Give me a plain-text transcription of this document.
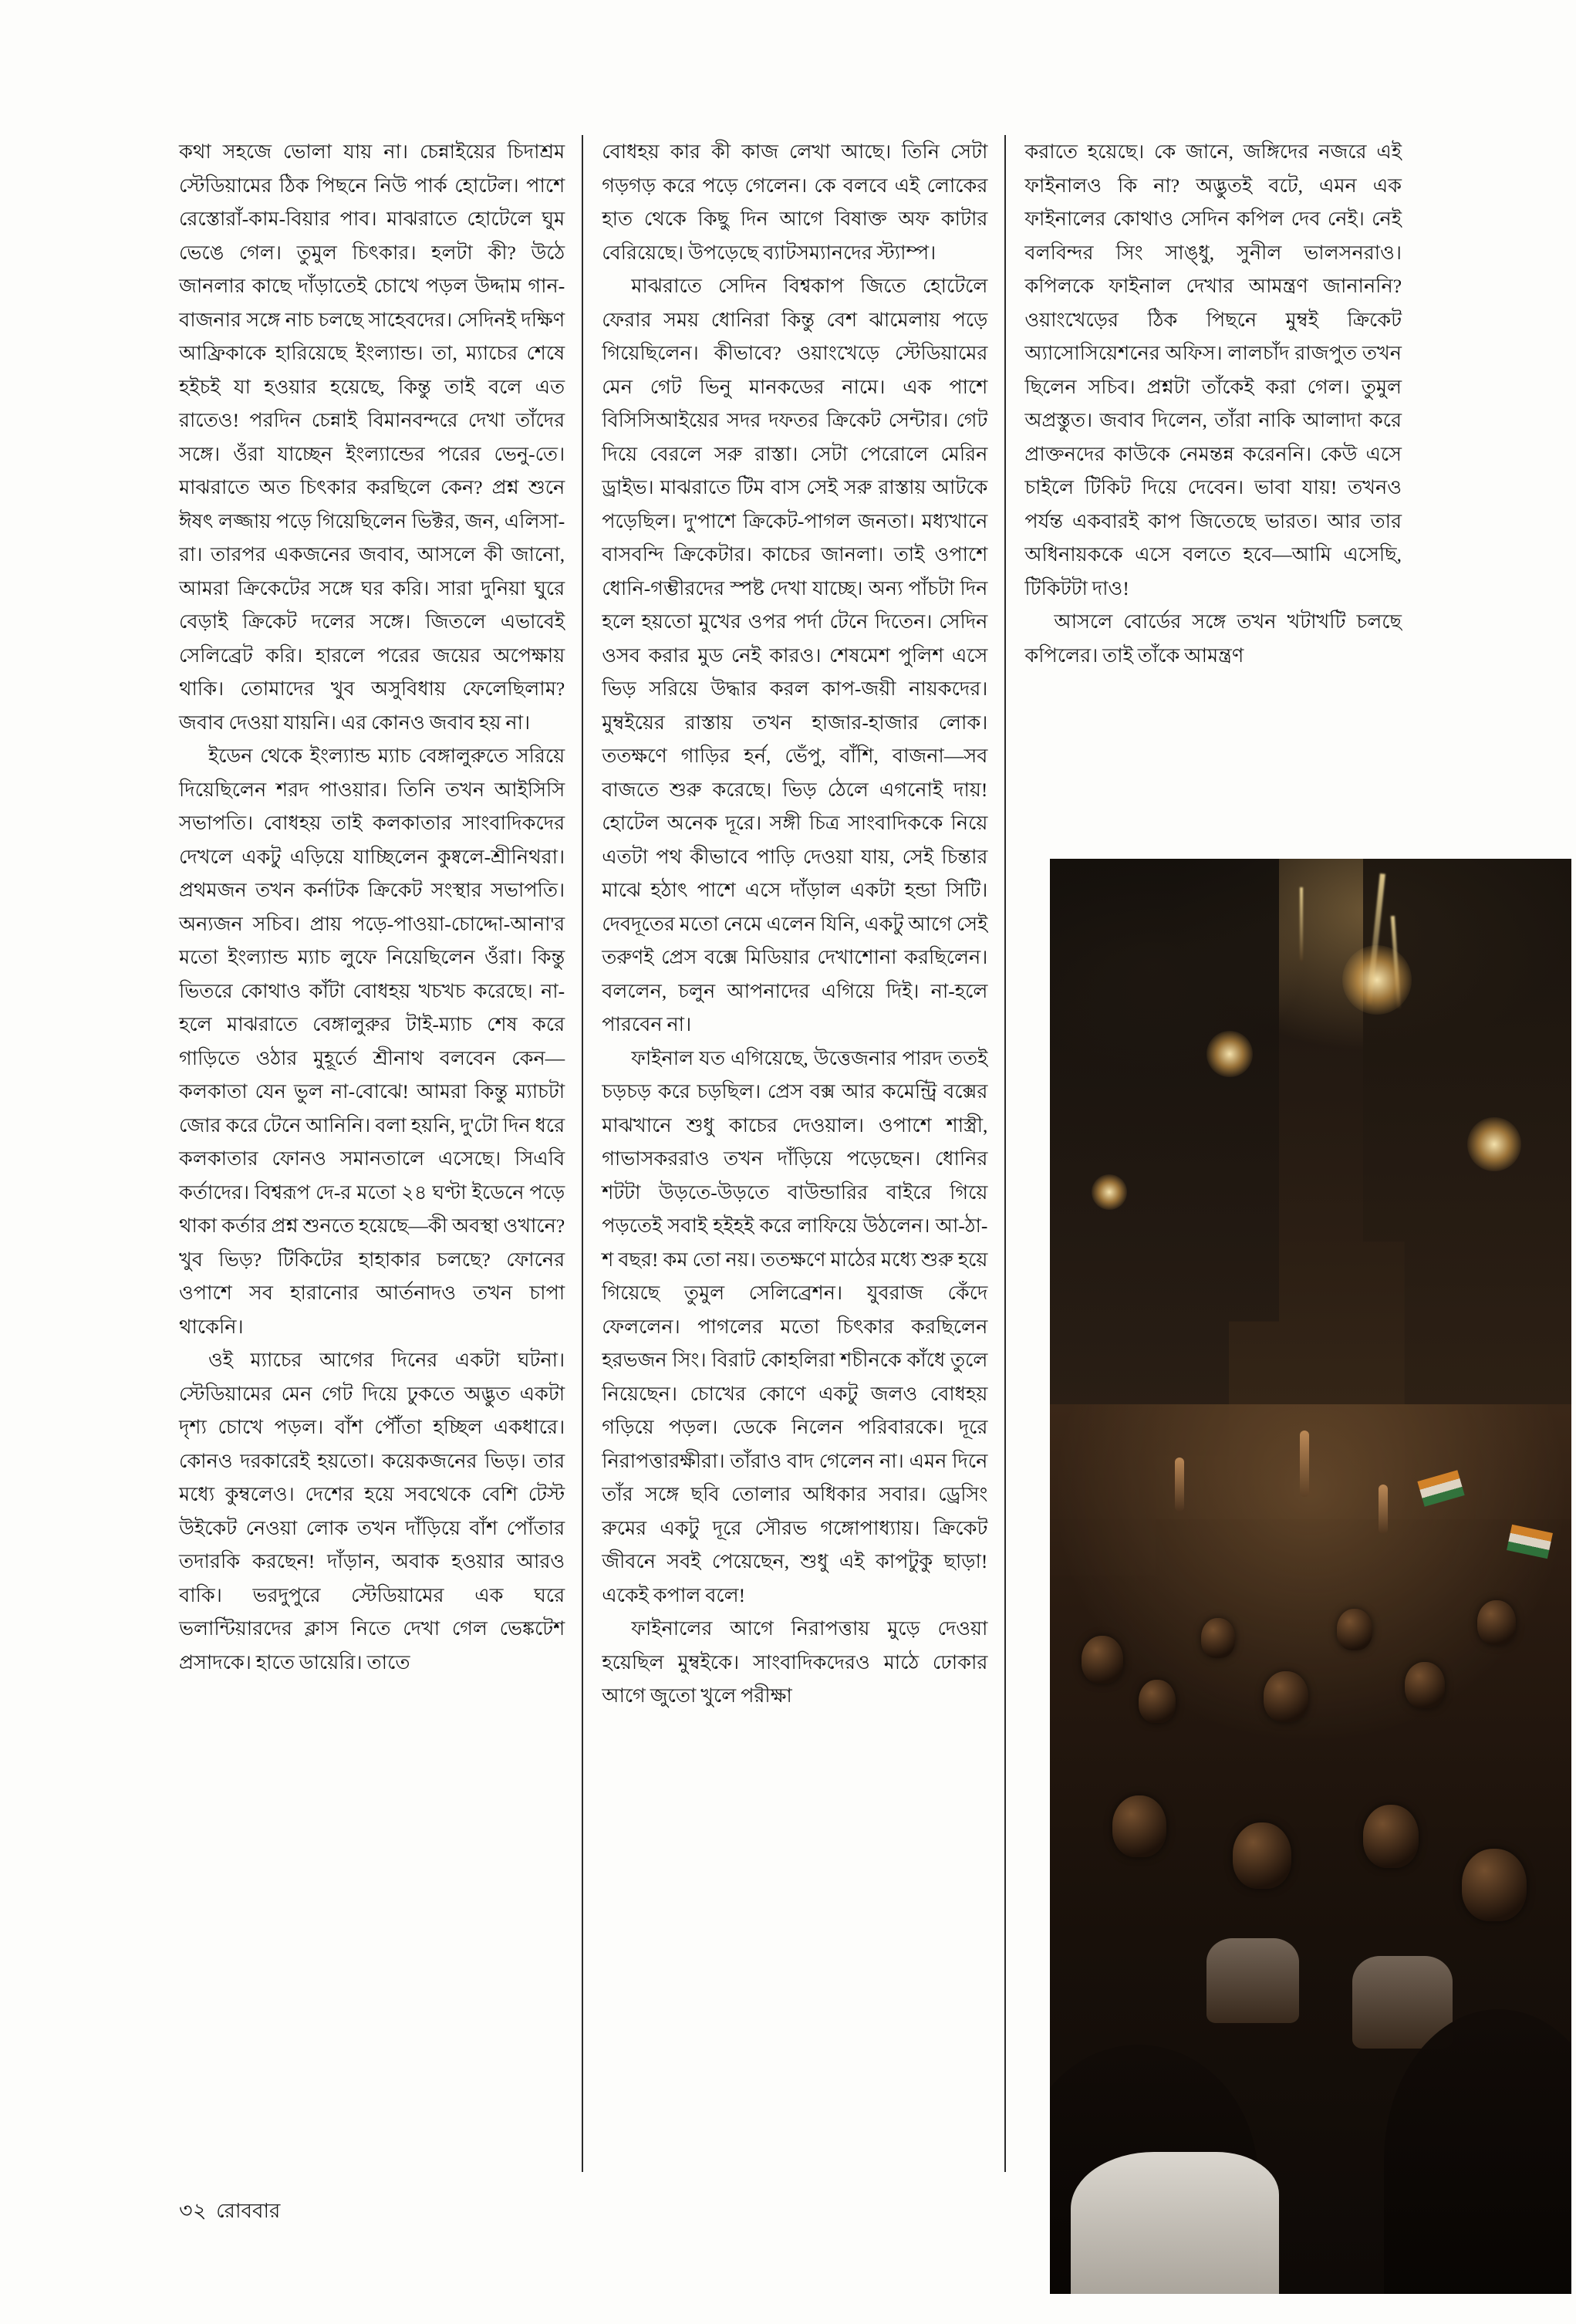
কথা সহজে ভোলা যায় না। চেন্নাইয়ের চিদাশ্রম স্টেডিয়ামের ঠিক পিছনে নিউ পার্ক হোটেল। পাশে রেস্তোরাঁ-কাম-বিয়ার পাব। মাঝরাতে হোটেলে ঘুম ভেঙে গেল। তুমুল চিৎকার। হলটা কী? উঠে জানলার কাছে দাঁড়াতেই চোখে পড়ল উদ্দাম গান-বাজনার সঙ্গে নাচ চলছে সাহেবদের। সেদিনই দক্ষিণ আফ্রিকাকে হারিয়েছে ইংল্যান্ড। তা, ম্যাচের শেষে হইচই যা হওয়ার হয়েছে, কিন্তু তাই বলে এত রাতেও! পরদিন চেন্নাই বিমানবন্দরে দেখা তাঁদের সঙ্গে। ওঁরা যাচ্ছেন ইংল্যান্ডের পরের ভেনু-তে। মাঝরাতে অত চিৎকার করছিলে কেন? প্রশ্ন শুনে ঈষৎ লজ্জায় পড়ে গিয়েছিলেন ভিক্টর, জন, এলিসা-রা। তারপর একজনের জবাব, আসলে কী জানো, আমরা ক্রিকেটের সঙ্গে ঘর করি। সারা দুনিয়া ঘুরে বেড়াই ক্রিকেট দলের সঙ্গে। জিতলে এভাবেই সেলিব্রেট করি। হারলে পরের জয়ের অপেক্ষায় থাকি। তোমাদের খুব অসুবিধায় ফেলেছিলাম? জবাব দেওয়া যায়নি। এর কোনও জবাব হয় না।

ইডেন থেকে ইংল্যান্ড ম্যাচ বেঙ্গালুরুতে সরিয়ে দিয়েছিলেন শরদ পাওয়ার। তিনি তখন আইসিসি সভাপতি। বোধহয় তাই কলকাতার সাংবাদিকদের দেখলে একটু এড়িয়ে যাচ্ছিলেন কুষ্বলে-শ্রীনিথরা। প্রথমজন তখন কর্নাটক ক্রিকেট সংস্থার সভাপতি। অন্যজন সচিব। প্রায় পড়ে-পাওয়া-চোদ্দো-আনা'র মতো ইংল্যান্ড ম্যাচ লুফে নিয়েছিলেন ওঁরা। কিন্তু ভিতরে কোথাও কাঁটা বোধহয় খচখচ করেছে। না-হলে মাঝরাতে বেঙ্গালুরুর টাই-ম্যাচ শেষ করে গাড়িতে ওঠার মুহূর্তে শ্রীনাথ বলবেন কেন—কলকাতা যেন ভুল না-বোঝে! আমরা কিন্তু ম্যাচটা জোর করে টেনে আনিনি। বলা হয়নি, দু'টো দিন ধরে কলকাতার ফোনও সমানতালে এসেছে। সিএবি কর্তাদের। বিশ্বরূপ দে-র মতো ২৪ ঘণ্টা ইডেনে পড়ে থাকা কর্তার প্রশ্ন শুনতে হয়েছে—কী অবস্থা ওখানে? খুব ভিড়? টিকিটের হাহাকার চলছে? ফোনের ওপাশে সব হারানোর আর্তনাদও তখন চাপা থাকেনি।

ওই ম্যাচের আগের দিনের একটা ঘটনা। স্টেডিয়ামের মেন গেট দিয়ে ঢুকতে অদ্ভুত একটা দৃশ্য চোখে পড়ল। বাঁশ পৌঁতা হচ্ছিল একধারে। কোনও দরকারেই হয়তো। কয়েকজনের ভিড়। তার মধ্যে কুম্বলেও। দেশের হয়ে সবথেকে বেশি টেস্ট উইকেট নেওয়া লোক তখন দাঁড়িয়ে বাঁশ পোঁতার তদারকি করছেন! দাঁড়ান, অবাক হওয়ার আরও বাকি। ভরদুপুরে স্টেডিয়ামের এক ঘরে ভলান্টিয়ারদের ক্লাস নিতে দেখা গেল ভেঙ্কটেশ প্রসাদকে। হাতে ডায়েরি। তাতে

বোধহয় কার কী কাজ লেখা আছে। তিনি সেটা গড়গড় করে পড়ে গেলেন। কে বলবে এই লোকের হাত থেকে কিছু দিন আগে বিষাক্ত অফ কাটার বেরিয়েছে। উপড়েছে ব্যাটসম্যানদের স্ট্যাম্প।

মাঝরাতে সেদিন বিশ্বকাপ জিতে হোটেলে ফেরার সময় ধোনিরা কিন্তু বেশ ঝামেলায় পড়ে গিয়েছিলেন। কীভাবে? ওয়াংখেড়ে স্টেডিয়ামের মেন গেট ভিনু মানকডের নামে। এক পাশে বিসিসিআইয়ের সদর দফতর ক্রিকেট সেন্টার। গেট দিয়ে বেরলে সরু রাস্তা। সেটা পেরোলে মেরিন ড্রাইভ। মাঝরাতে টিম বাস সেই সরু রাস্তায় আটকে পড়েছিল। দু'পাশে ক্রিকেট-পাগল জনতা। মধ্যখানে বাসবন্দি ক্রিকেটার। কাচের জানলা। তাই ওপাশে ধোনি-গম্ভীরদের স্পষ্ট দেখা যাচ্ছে। অন্য পাঁচটা দিন হলে হয়তো মুখের ওপর পর্দা টেনে দিতেন। সেদিন ওসব করার মুড নেই কারও। শেষমেশ পুলিশ এসে ভিড় সরিয়ে উদ্ধার করল কাপ-জয়ী নায়কদের। মুম্বইয়ের রাস্তায় তখন হাজার-হাজার লোক। ততক্ষণে গাড়ির হর্ন, ভেঁপু, বাঁশি, বাজনা—সব বাজতে শুরু করেছে। ভিড় ঠেলে এগনোই দায়! হোটেল অনেক দূরে। সঙ্গী চিত্র সাংবাদিককে নিয়ে এতটা পথ কীভাবে পাড়ি দেওয়া যায়, সেই চিন্তার মাঝে হঠাৎ পাশে এসে দাঁড়াল একটা হন্ডা সিটি। দেবদূতের মতো নেমে এলেন যিনি, একটু আগে সেই তরুণই প্রেস বক্সে মিডিয়ার দেখাশোনা করছিলেন। বললেন, চলুন আপনাদের এগিয়ে দিই। না-হলে পারবেন না।

ফাইনাল যত এগিয়েছে, উত্তেজনার পারদ ততই চড়চড় করে চড়ছিল। প্রেস বক্স আর কমেন্ট্রি বক্সের মাঝখানে শুধু কাচের দেওয়াল। ওপাশে শাস্ত্রী, গাভাসকররাও তখন দাঁড়িয়ে পড়েছেন। ধোনির শটটা উড়তে-উড়তে বাউন্ডারির বাইরে গিয়ে পড়তেই সবাই হইহই করে লাফিয়ে উঠলেন। আ-ঠা-শ বছর! কম তো নয়। ততক্ষণে মাঠের মধ্যে শুরু হয়ে গিয়েছে তুমুল সেলিব্রেশন। যুবরাজ কেঁদে ফেললেন। পাগলের মতো চিৎকার করছিলেন হরভজন সিং। বিরাট কোহলিরা শচীনকে কাঁধে তুলে নিয়েছেন। চোখের কোণে একটু জলও বোধহয় গড়িয়ে পড়ল। ডেকে নিলেন পরিবারকে। দূরে নিরাপত্তারক্ষীরা। তাঁরাও বাদ গেলেন না। এমন দিনে তাঁর সঙ্গে ছবি তোলার অধিকার সবার। ড্রেসিং রুমের একটু দূরে সৌরভ গঙ্গোপাধ্যায়। ক্রিকেট জীবনে সবই পেয়েছেন, শুধু এই কাপটুকু ছাড়া! একেই কপাল বলে!

ফাইনালের আগে নিরাপত্তায় মুড়ে দেওয়া হয়েছিল মুম্বইকে। সাংবাদিকদেরও মাঠে ঢোকার আগে জুতো খুলে পরীক্ষা

করাতে হয়েছে। কে জানে, জঙ্গিদের নজরে এই ফাইনালও কি না? অদ্ভুতই বটে, এমন এক ফাইনালের কোথাও সেদিন কপিল দেব নেই। নেই বলবিন্দর সিং সাঙ্ধু, সুনীল ভালসনরাও। কপিলকে ফাইনাল দেখার আমন্ত্রণ জানাননি? ওয়াংখেড়ের ঠিক পিছনে মুম্বই ক্রিকেট অ্যাসোসিয়েশনের অফিস। লালচাঁদ রাজপুত তখন ছিলেন সচিব। প্রশ্নটা তাঁকেই করা গেল। তুমুল অপ্রস্তুত। জবাব দিলেন, তাঁরা নাকি আলাদা করে প্রাক্তনদের কাউকে নেমন্তন্ন করেননি। কেউ এসে চাইলে টিকিট দিয়ে দেবেন। ভাবা যায়! তখনও পর্যন্ত একবারই কাপ জিতেছে ভারত। আর তার অধিনায়ককে এসে বলতে হবে—আমি এসেছি, টিকিটটা দাও!

আসলে বোর্ডের সঙ্গে তখন খটাখটি চলছে কপিলের। তাই তাঁকে আমন্ত্রণ

৩২ রোববার
